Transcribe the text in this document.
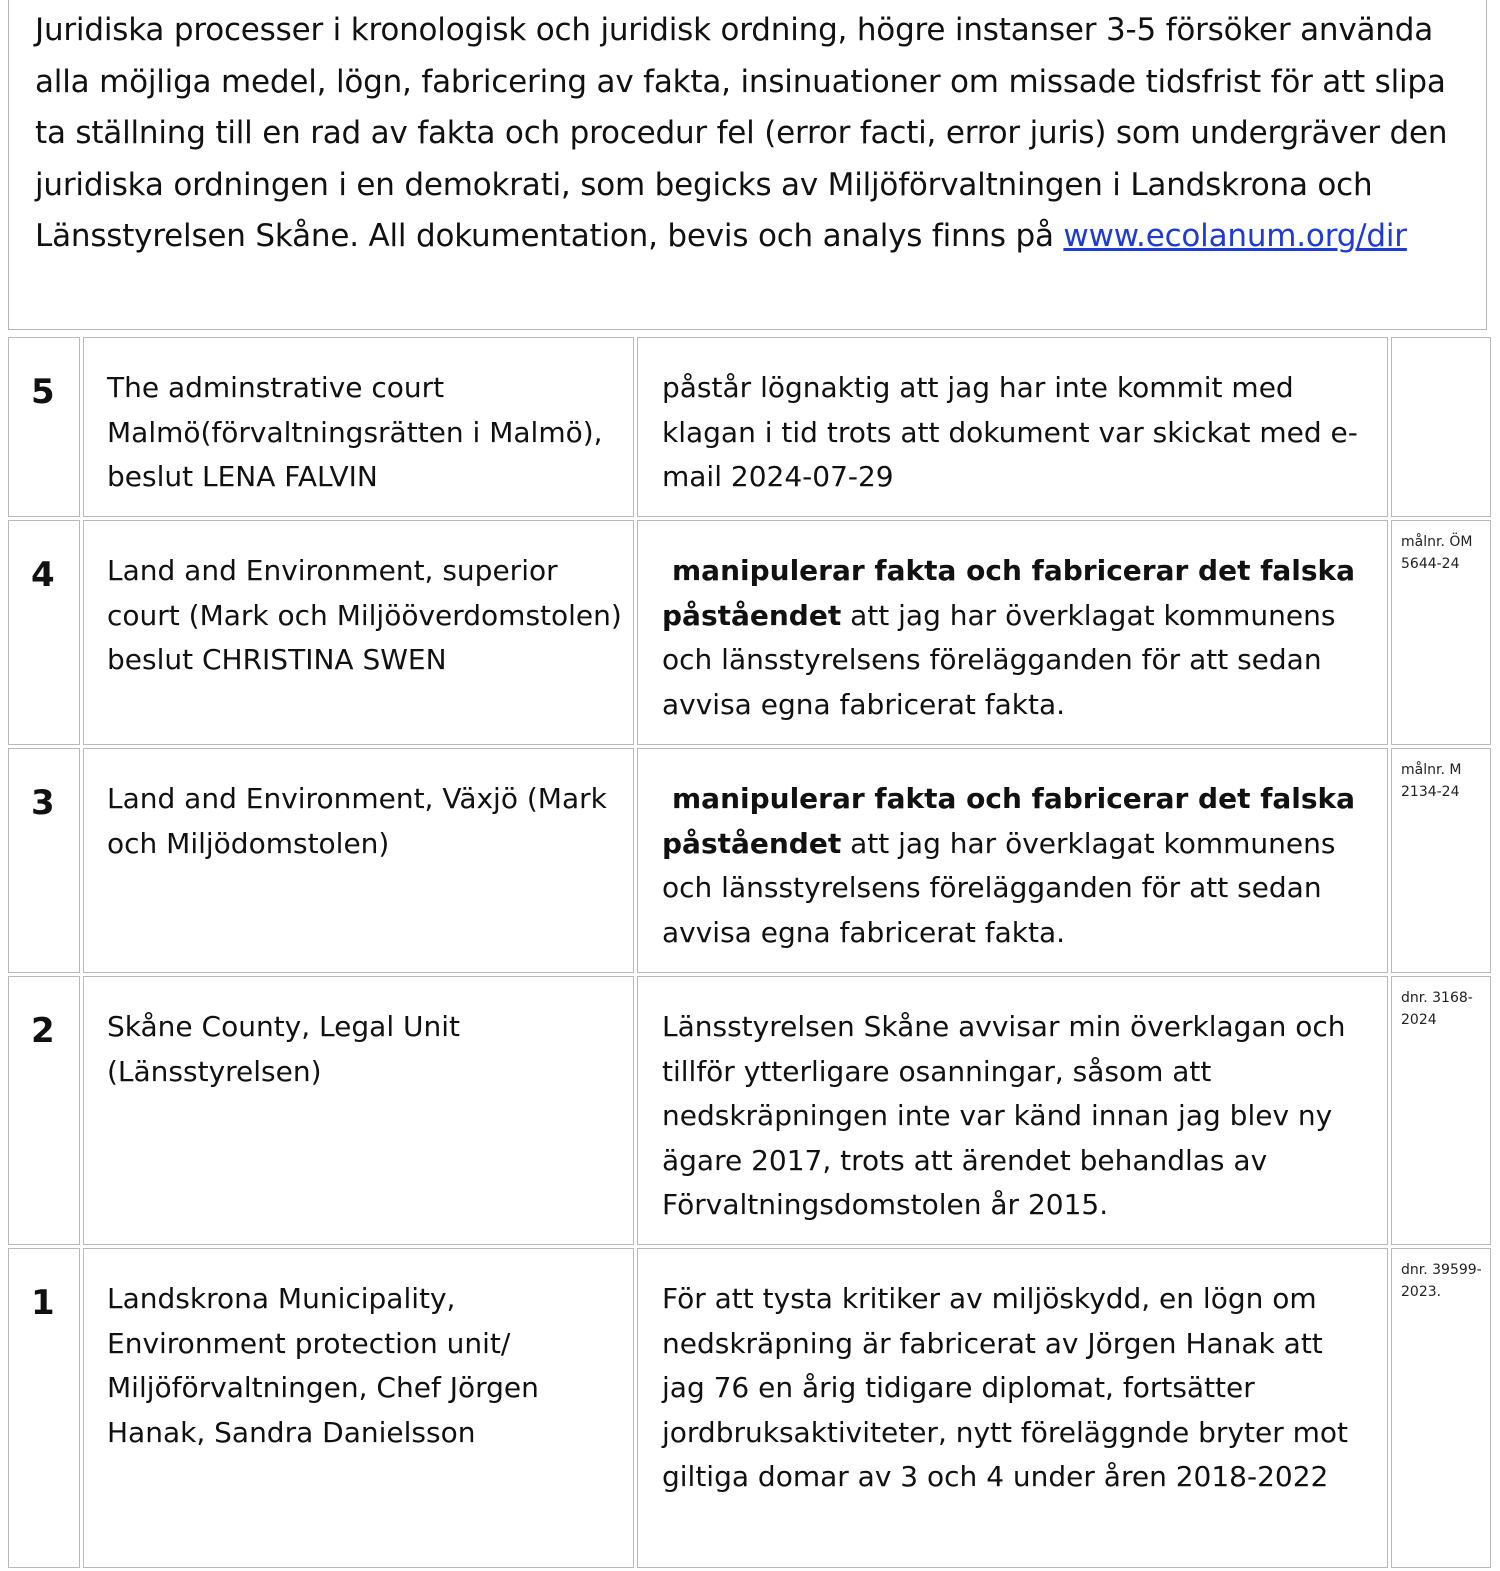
Juridiska processer i kronologisk och juridisk ordning, högre instanser 3-5 försöker använda alla möjliga medel, lögn, fabricering av fakta, insinuationer om missade tidsfrist för att slipa ta ställning till en rad av fakta och procedur fel (error facti, error juris) som undergräver den juridiska ordningen i en demokrati, som begicks av Miljöförvaltningen i Landskrona och Länsstyrelsen Skåne. All dokumentation, bevis och analys finns på www.ecolanum.org/dir
5	The adminstrative court Malmö(förvaltningsrätten i Malmö), beslut LENA FALVIN	påstår lögnaktig att jag har inte kommit med klagan i tid trots att dokument var skickat med e-mail 2024-07-29	
4	Land and Environment, superior court (Mark och Miljööverdomstolen) beslut CHRISTINA SWEN	manipulerar fakta och fabricerar det falska påståendet att jag har överklagat kommunens och länsstyrelsens förelägganden för att sedan avvisa egna fabricerat fakta.	målnr. ÖM 5644-24
3	Land and Environment, Växjö (Mark och Miljödomstolen)	manipulerar fakta och fabricerar det falska påståendet att jag har överklagat kommunens och länsstyrelsens förelägganden för att sedan avvisa egna fabricerat fakta.	målnr. M 2134-24
2	Skåne County, Legal Unit (Länsstyrelsen)	Länsstyrelsen Skåne avvisar min överklagan och tillför ytterligare osanningar, såsom att nedskräpningen inte var känd innan jag blev ny ägare 2017, trots att ärendet behandlas av Förvaltningsdomstolen år 2015.	dnr. 3168-2024
1	Landskrona Municipality, Environment protection unit/ Miljöförvaltningen, Chef Jörgen Hanak, Sandra Danielsson	För att tysta kritiker av miljöskydd, en lögn om nedskräpning är fabricerat av Jörgen Hanak att jag 76 en årig tidigare diplomat, fortsätter jordbruksaktiviteter, nytt föreläggnde bryter mot giltiga domar av 3 och 4 under åren 2018-2022	dnr. 39599-2023.
